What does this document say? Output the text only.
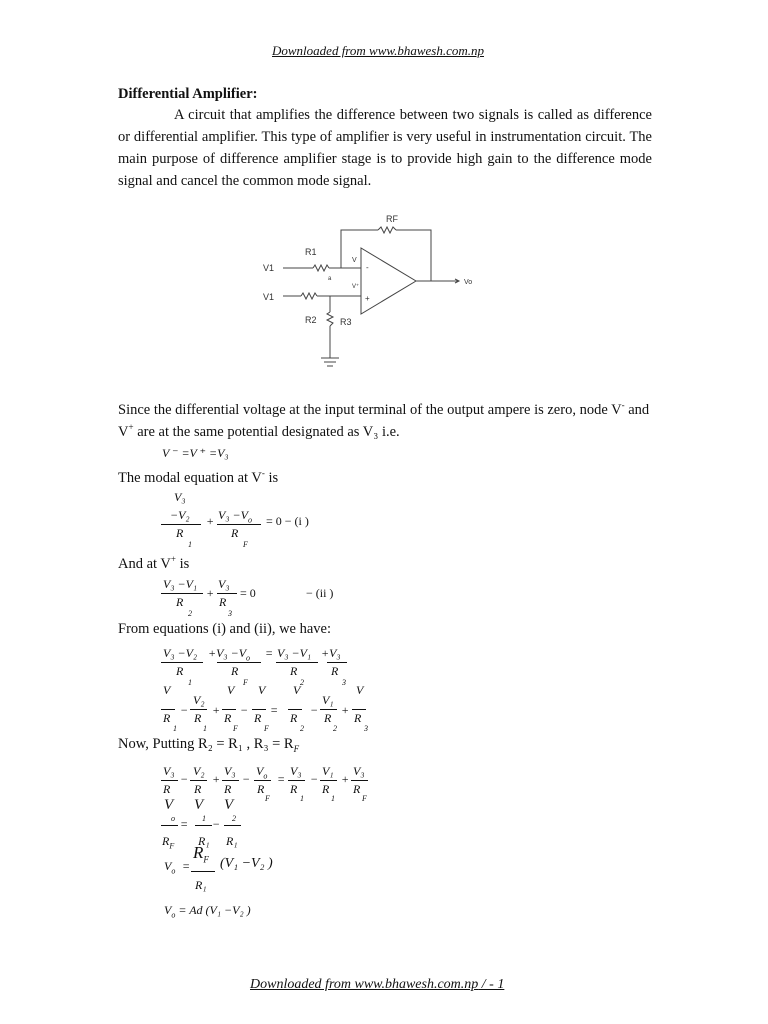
Downloaded from www.bhawesh.com.np
Differential Amplifier:

A circuit that amplifies the difference between two signals is called as difference or differential amplifier. This type of amplifier is very useful in instrumentation circuit. The main purpose of difference amplifier stage is to provide high gain to the difference mode signal and cancel the common mode signal.

RF
R1
V1
V1
R2	R3
Vo
V
V⁺
a
-
+
Since the differential voltage at the input terminal of the output ampere is zero, node V- and
V+ are at the same potential designated as V₃ i.e.
V ⁻ =V ⁺ =V₃
The modal equation at V- is
V₃
−V₂
R
1
+ $V_3 -V_o$
R
F
= 0 − (i )
And at V+ is
V₃ −V₁
R
2
+
V₃
R
3
= 0	− (ii )
From equations (i) and (ii), we have:
V₃ −V₂
R
1
$+V_3 -V_o$
R
F
= V₃ −V₁
R
2
+V₃
R
3
V	V V V	V
V₂	V₁
− + − =	− +
R R R R R R R
1	1	F	F	2	2	3
Now, Putting R₂ = R₁ , $R_3 = R_F$
V₃ V₂ V₃ $V_o$ V₃ V₁ V₃
− + − = − +
R R R R R R R
F	1	1	F
V V V
o	1	2
= −
$R_F$ R₁ R₁
$V_o$ =
$R_F$
R₁
(V₁ −V₂ )
$V_o = Ad$ (V₁ −V₂ )
Downloaded from www.bhawesh.com.np / - 1
